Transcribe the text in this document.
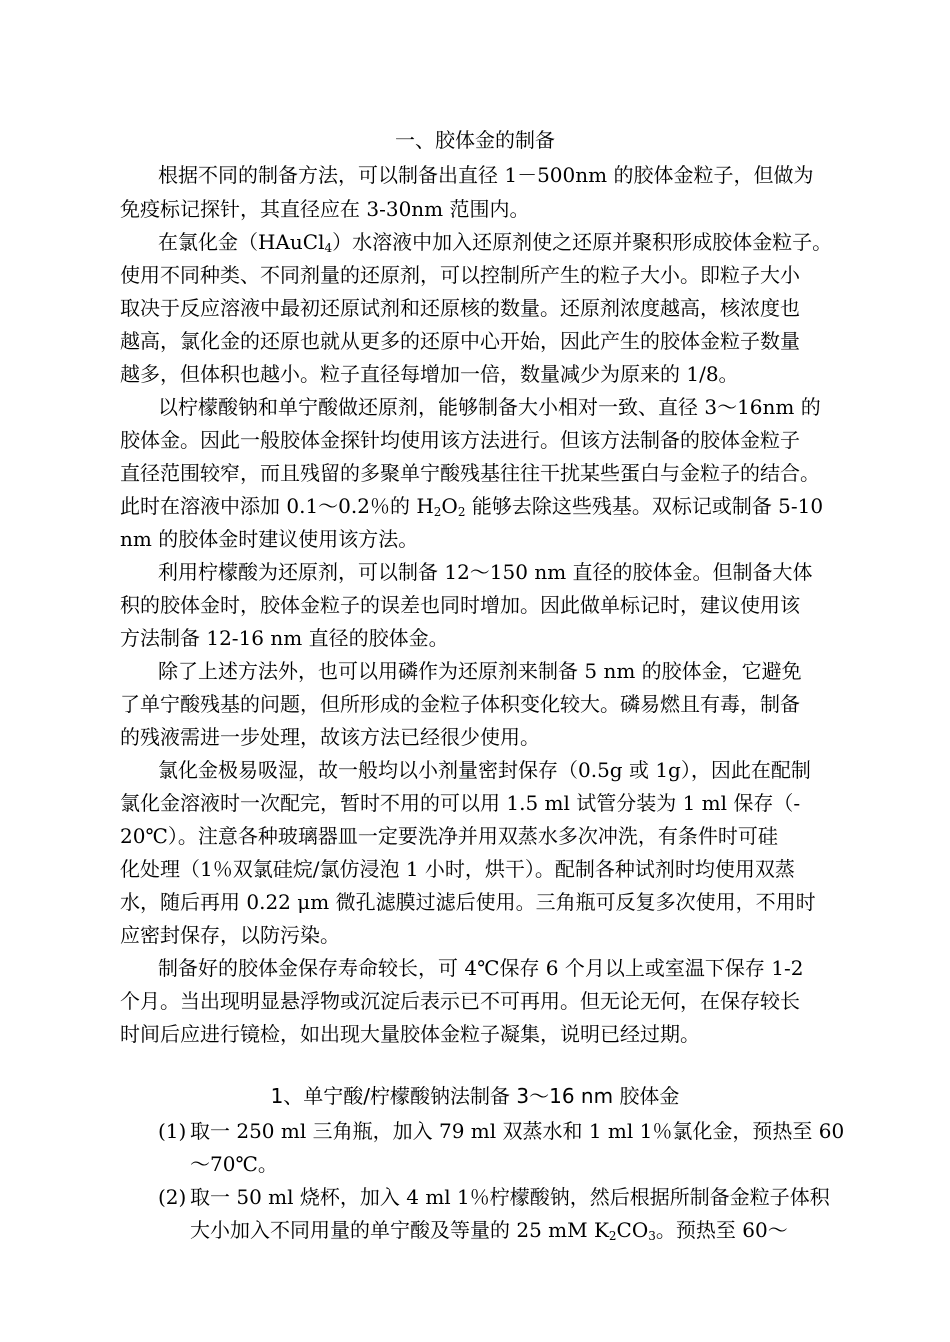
一、胶体金的制备
根据不同的制备方法，可以制备出直径 1－500nm 的胶体金粒子，但做为
免疫标记探针，其直径应在 3-30nm 范围内。
在氯化金（HAuCl$_4$）水溶液中加入还原剂使之还原并聚积形成胶体金粒子。
使用不同种类、不同剂量的还原剂，可以控制所产生的粒子大小。即粒子大小
取决于反应溶液中最初还原试剂和还原核的数量。还原剂浓度越高，核浓度也
越高，氯化金的还原也就从更多的还原中心开始，因此产生的胶体金粒子数量
越多，但体积也越小。粒子直径每增加一倍，数量减少为原来的 1/8。
以柠檬酸钠和单宁酸做还原剂，能够制备大小相对一致、直径 3～16nm 的
胶体金。因此一般胶体金探针均使用该方法进行。但该方法制备的胶体金粒子
直径范围较窄，而且残留的多聚单宁酸残基往往干扰某些蛋白与金粒子的结合。
此时在溶液中添加 0.1～0.2％的 $H_2O_2$ 能够去除这些残基。双标记或制备 5-10
nm 的胶体金时建议使用该方法。
利用柠檬酸为还原剂，可以制备 12～150 nm 直径的胶体金。但制备大体
积的胶体金时，胶体金粒子的误差也同时增加。因此做单标记时，建议使用该
方法制备 12-16 nm 直径的胶体金。
除了上述方法外，也可以用磷作为还原剂来制备 5 nm 的胶体金，它避免
了单宁酸残基的问题，但所形成的金粒子体积变化较大。磷易燃且有毒，制备
的残液需进一步处理，故该方法已经很少使用。
氯化金极易吸湿，故一般均以小剂量密封保存（0.5g 或 1g），因此在配制
氯化金溶液时一次配完，暂时不用的可以用 1.5 ml 试管分装为 1 ml 保存（-
20℃）。注意各种玻璃器皿一定要洗净并用双蒸水多次冲洗，有条件时可硅
化处理（1％双氯硅烷/氯仿浸泡 1 小时，烘干）。配制各种试剂时均使用双蒸
水，随后再用 0.22 μm 微孔滤膜过滤后使用。三角瓶可反复多次使用，不用时
应密封保存，以防污染。
制备好的胶体金保存寿命较长，可 4℃保存 6 个月以上或室温下保存 1-2
个月。当出现明显悬浮物或沉淀后表示已不可再用。但无论无何，在保存较长
时间后应进行镜检，如出现大量胶体金粒子凝集，说明已经过期。
1、单宁酸/柠檬酸钠法制备 3～16 nm 胶体金
(1) 取一 250 ml 三角瓶，加入 79 ml 双蒸水和 1 ml 1％氯化金，预热至 60
～70℃。
(2) 取一 50 ml 烧杯，加入 4 ml 1％柠檬酸钠，然后根据所制备金粒子体积
大小加入不同用量的单宁酸及等量的 25 mM $K_2CO_3$。预热至 60～
